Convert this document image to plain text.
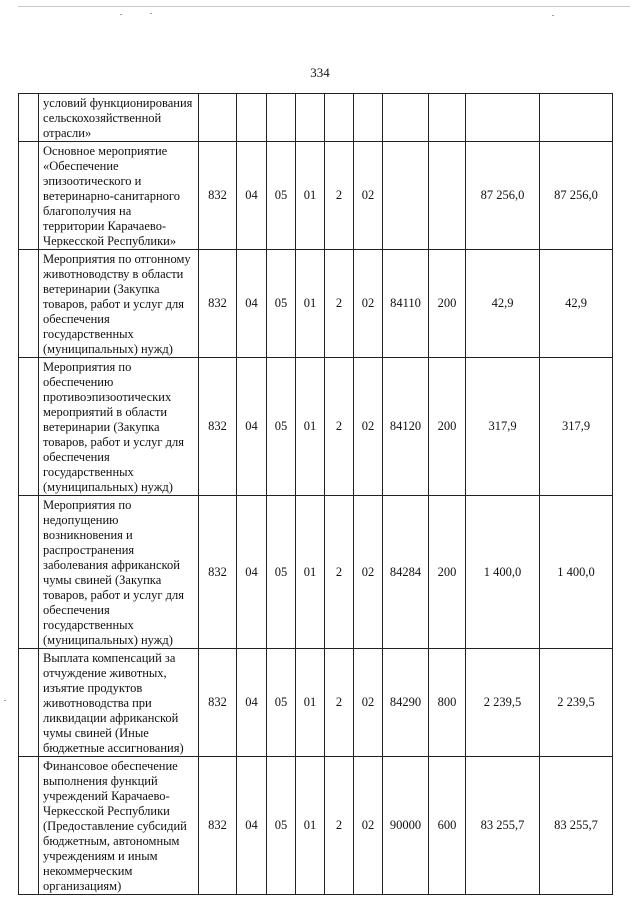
334
	условий функционирования сельскохозяйственной отрасли»										
	Основное мероприятие «Обеспечение эпизоотического и ветеринарно-санитарного благополучия на территории Карачаево-Черкесской Республики»	832	04	05	01	2	02			87 256,0	87 256,0
	Мероприятия по отгонному животноводству в области ветеринарии (Закупка товаров, работ и услуг для обеспечения государственных (муниципальных) нужд)	832	04	05	01	2	02	84110	200	42,9	42,9
	Мероприятия по обеспечению противоэпизоотических мероприятий в области ветеринарии (Закупка товаров, работ и услуг для обеспечения государственных (муниципальных) нужд)	832	04	05	01	2	02	84120	200	317,9	317,9
	Мероприятия по недопущению возникновения и распространения заболевания африканской чумы свиней (Закупка товаров, работ и услуг для обеспечения государственных (муниципальных) нужд)	832	04	05	01	2	02	84284	200	1 400,0	1 400,0
	Выплата компенсаций за отчуждение животных, изъятие продуктов животноводства при ликвидации африканской чумы свиней (Иные бюджетные ассигнования)	832	04	05	01	2	02	84290	800	2 239,5	2 239,5
	Финансовое обеспечение выполнения функций учреждений Карачаево-Черкесской Республики (Предоставление субсидий бюджетным, автономным учреждениям и иным некоммерческим организациям)	832	04	05	01	2	02	90000	600	83 255,7	83 255,7
